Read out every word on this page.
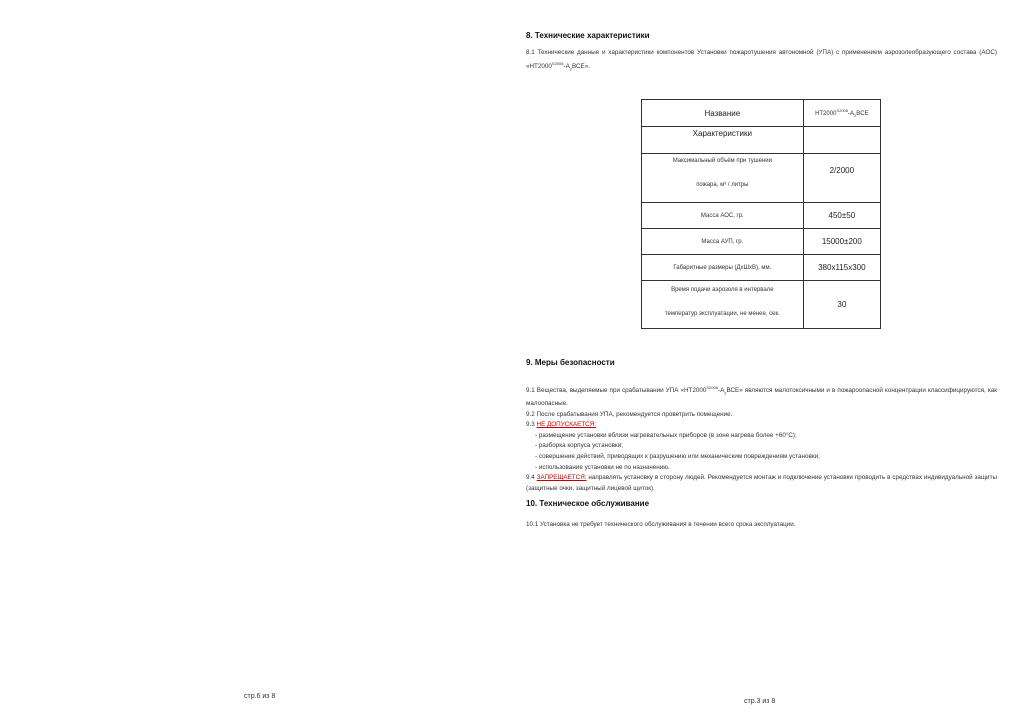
8. Технические характеристики
8.1 Технические данные и характеристики компонентов Установки пожаротушения автономной (УПА) с применением аэрозолеобразующего состава (АОС) «$НТ2000^{S2008}-А_2ВСЕ$».
Название	$НТ2000^{S2008}-A_2BCE$
Характеристики	

Максимальный объём при тушении
пожара, м³ / литры	2/2000
Масса АОС, гр.	450±50
Масса АУП, гр.	15000±200
Габаритные размеры (ДхШхВ), мм.	380х115х300

Время подачи аэрозоля в интервале
температур эксплуатации, не менее, сек.	30
9. Меры безопасности
9.1 Вещества, выделяемые при срабатывании УПА «$НТ2000^{S2008}-А_2ВСЕ$» являются малотоксичными и в пожароопасной концентрации классифицируются, как малоопасные.
9.2 После срабатывания УПА, рекомендуется проветрить помещение.
9.3 НЕ ДОПУСКАЕТСЯ:
- размещение установки вблизи нагревательных приборов (в зоне нагрева более +60°С);
- разборка корпуса установки;
- совершение действий, приводящих к разрушению или механическим повреждениям установки;
- использование установки не по назначению.
9.4 ЗАПРЕЩАЕТСЯ: направлять установку в сторону людей. Рекомендуется монтаж и подключение установки проводить в средствах индивидуальной защиты (защитные очки, защитный лицевой щиток).
10. Техническое обслуживание
10.1 Установка не требует технического обслуживания в течении всего срока эксплуатации.
стр.6 из 8
стр.3 из 8
